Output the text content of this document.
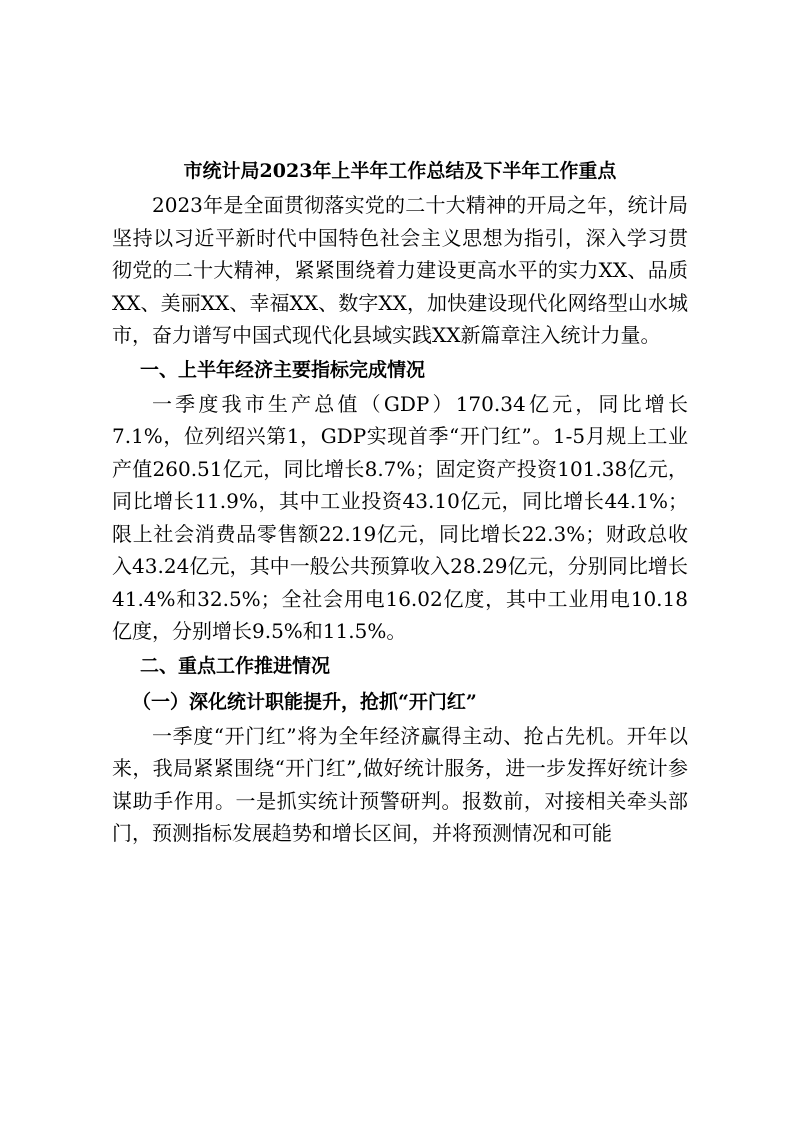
市统计局2023年上半年工作总结及下半年工作重点

2023年是全面贯彻落实党的二十大精神的开局之年，统计局坚持以习近平新时代中国特色社会主义思想为指引，深入学习贯彻党的二十大精神，紧紧围绕着力建设更高水平的实力XX、品质XX、美丽XX、幸福XX、数字XX，加快建设现代化网络型山水城市，奋力谱写中国式现代化县域实践XX新篇章注入统计力量。

一、上半年经济主要指标完成情况

一季度我市生产总值（GDP）170.34亿元，同比增长7.1%，位列绍兴第1，GDP实现首季“开门红”。1-5月规上工业产值260.51亿元，同比增长8.7%；固定资产投资101.38亿元，同比增长11.9%，其中工业投资43.10亿元，同比增长44.1%；限上社会消费品零售额22.19亿元，同比增长22.3%；财政总收入43.24亿元，其中一般公共预算收入28.29亿元，分别同比增长41.4%和32.5%；全社会用电16.02亿度，其中工业用电10.18亿度，分别增长9.5%和11.5%。

二、重点工作推进情况
（一）深化统计职能提升，抢抓“开门红”

一季度“开门红”将为全年经济赢得主动、抢占先机。开年以来，我局紧紧围绕“开门红”,做好统计服务，进一步发挥好统计参谋助手作用。一是抓实统计预警研判。报数前，对接相关牵头部门，预测指标发展趋势和增长区间，并将预测情况和可能
